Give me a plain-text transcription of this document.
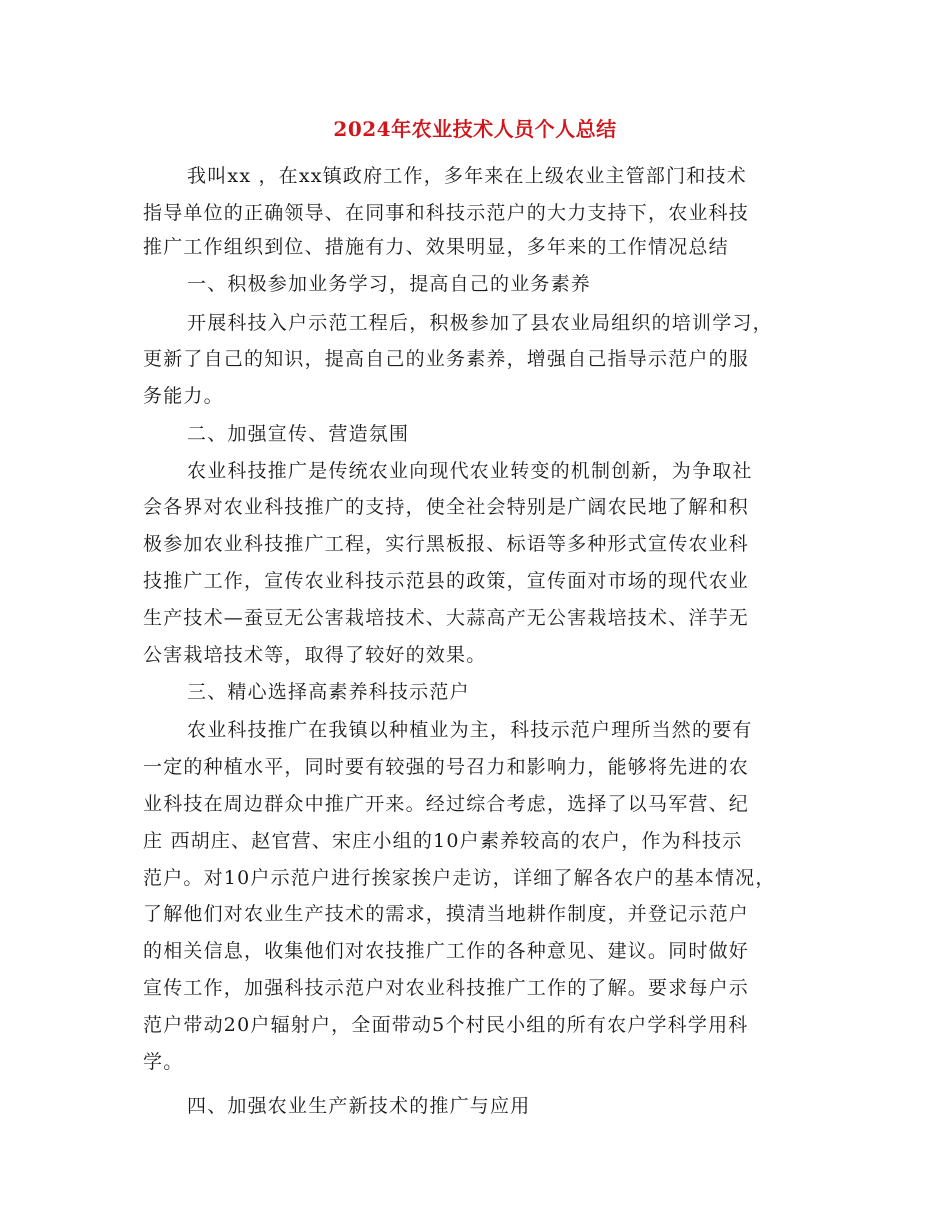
2024年农业技术人员个人总结
我叫xx ，在xx镇政府工作，多年来在上级农业主管部门和技术
指导单位的正确领导、在同事和科技示范户的大力支持下，农业科技
推广工作组织到位、措施有力、效果明显，多年来的工作情况总结
一、积极参加业务学习，提高自己的业务素养
开展科技入户示范工程后，积极参加了县农业局组织的培训学习，
更新了自己的知识，提高自己的业务素养，增强自己指导示范户的服
务能力。
二、加强宣传、营造氛围
农业科技推广是传统农业向现代农业转变的机制创新，为争取社
会各界对农业科技推广的支持，使全社会特别是广阔农民地了解和积
极参加农业科技推广工程，实行黑板报、标语等多种形式宣传农业科
技推广工作，宣传农业科技示范县的政策，宣传面对市场的现代农业
生产技术—蚕豆无公害栽培技术、大蒜高产无公害栽培技术、洋芋无
公害栽培技术等，取得了较好的效果。
三、精心选择高素养科技示范户
农业科技推广在我镇以种植业为主，科技示范户理所当然的要有
一定的种植水平，同时要有较强的号召力和影响力，能够将先进的农
业科技在周边群众中推广开来。经过综合考虑，选择了以马军营、纪
庄 西胡庄、赵官营、宋庄小组的10户素养较高的农户，作为科技示
范户。对10户示范户进行挨家挨户走访，详细了解各农户的基本情况，
了解他们对农业生产技术的需求，摸清当地耕作制度，并登记示范户
的相关信息，收集他们对农技推广工作的各种意见、建议。同时做好
宣传工作，加强科技示范户对农业科技推广工作的了解。要求每户示
范户带动20户辐射户，全面带动5个村民小组的所有农户学科学用科
学。
四、加强农业生产新技术的推广与应用
